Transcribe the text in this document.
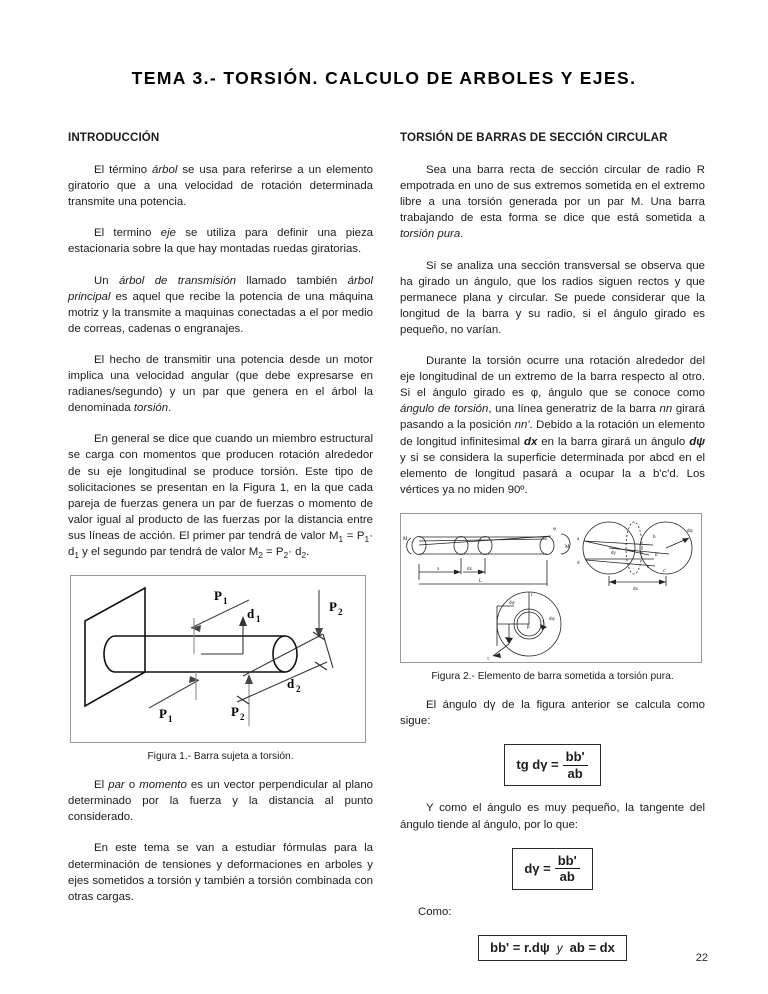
TEMA 3.- TORSIÓN. CALCULO DE ARBOLES Y EJES.
INTRODUCCIÓN

El término árbol se usa para referirse a un elemento giratorio que a una velocidad de rotación determinada transmite una potencia.

El termino eje se utiliza para definir una pieza estacionaria sobre la que hay montadas ruedas giratorias.

Un árbol de transmisión llamado también árbol principal es aquel que recibe la potencia de una máquina motriz y la transmite a maquinas conectadas a el por medio de correas, cadenas o engranajes.

El hecho de transmitir una potencia desde un motor implica una velocidad angular (que debe expresarse en radianes/segundo) y un par que genera en el árbol la denominada torsión.

En general se dice que cuando un miembro estructural se carga con momentos que producen rotación alrededor de su eje longitudinal se produce torsión. Este tipo de solicitaciones se presentan en la Figura 1, en la que cada pareja de fuerzas genera un par de fuerzas o momento de valor igual al producto de las fuerzas por la distancia entre sus líneas de acción. El primer par tendrá de valor $M_1 = P_1\cdot d_1$ y el segundo par tendrá de valor $M_2 = P_2\cdot d_2$.

P 1
d 1
P 2
P 1	P 2
d 2
Figura 1.- Barra sujeta a torsión.

El par o momento es un vector perpendicular al plano determinado por la fuerza y la distancia al punto considerado.

En este tema se van a estudiar fórmulas para la determinación de tensiones y deformaciones en arboles y ejes sometidos a torsión y también a torsión combinada con otras cargas.

TORSIÓN DE BARRAS DE SECCIÓN CIRCULAR

Sea una barra recta de sección circular de radio R empotrada en uno de sus extremos sometida en el extremo libre a una torsión generada por un par M. Una barra trabajando de esta forma se dice que está sometida a torsión pura.

Si se analiza una sección transversal se observa que ha girado un ángulo, que los radios siguen rectos y que permanece plana y circular. Se puede considerar que la longitud de la barra y su radio, si el ángulo girado es pequeño, no varían.

Durante la torsión ocurre una rotación alrededor del eje longitudinal de un extremo de la barra respecto al otro. Si el ángulo girado es φ, ángulo que se conoce como ángulo de torsión, una línea generatriz de la barra nn girará pasando a la posición nn'. Debido a la rotación un elemento de longitud infinitesimal dx en la barra girará un ángulo dψ y si se considera la superficie determinada por abcd en el elemento de longitud pasará a ocupar la a b'c'd. Los vértices ya no miden 90º.

M
M
φ
x	dx
L
a
d
b
b'
c
c'
dψ
dγ
dx
r
dψ
dψ
β
τ
Figura 2.- Elemento de barra sometida a torsión pura.

El ángulo dγ de la figura anterior se calcula como sigue:

tg $d\gamma = \frac{bb'}{ab}$

Y como el ángulo es muy pequeño, la tangente del ángulo tiende al ángulo, por lo que:

$d\gamma = \frac{bb'}{ab}$

Como:

bb' = r.dψ y ab = dx
22
